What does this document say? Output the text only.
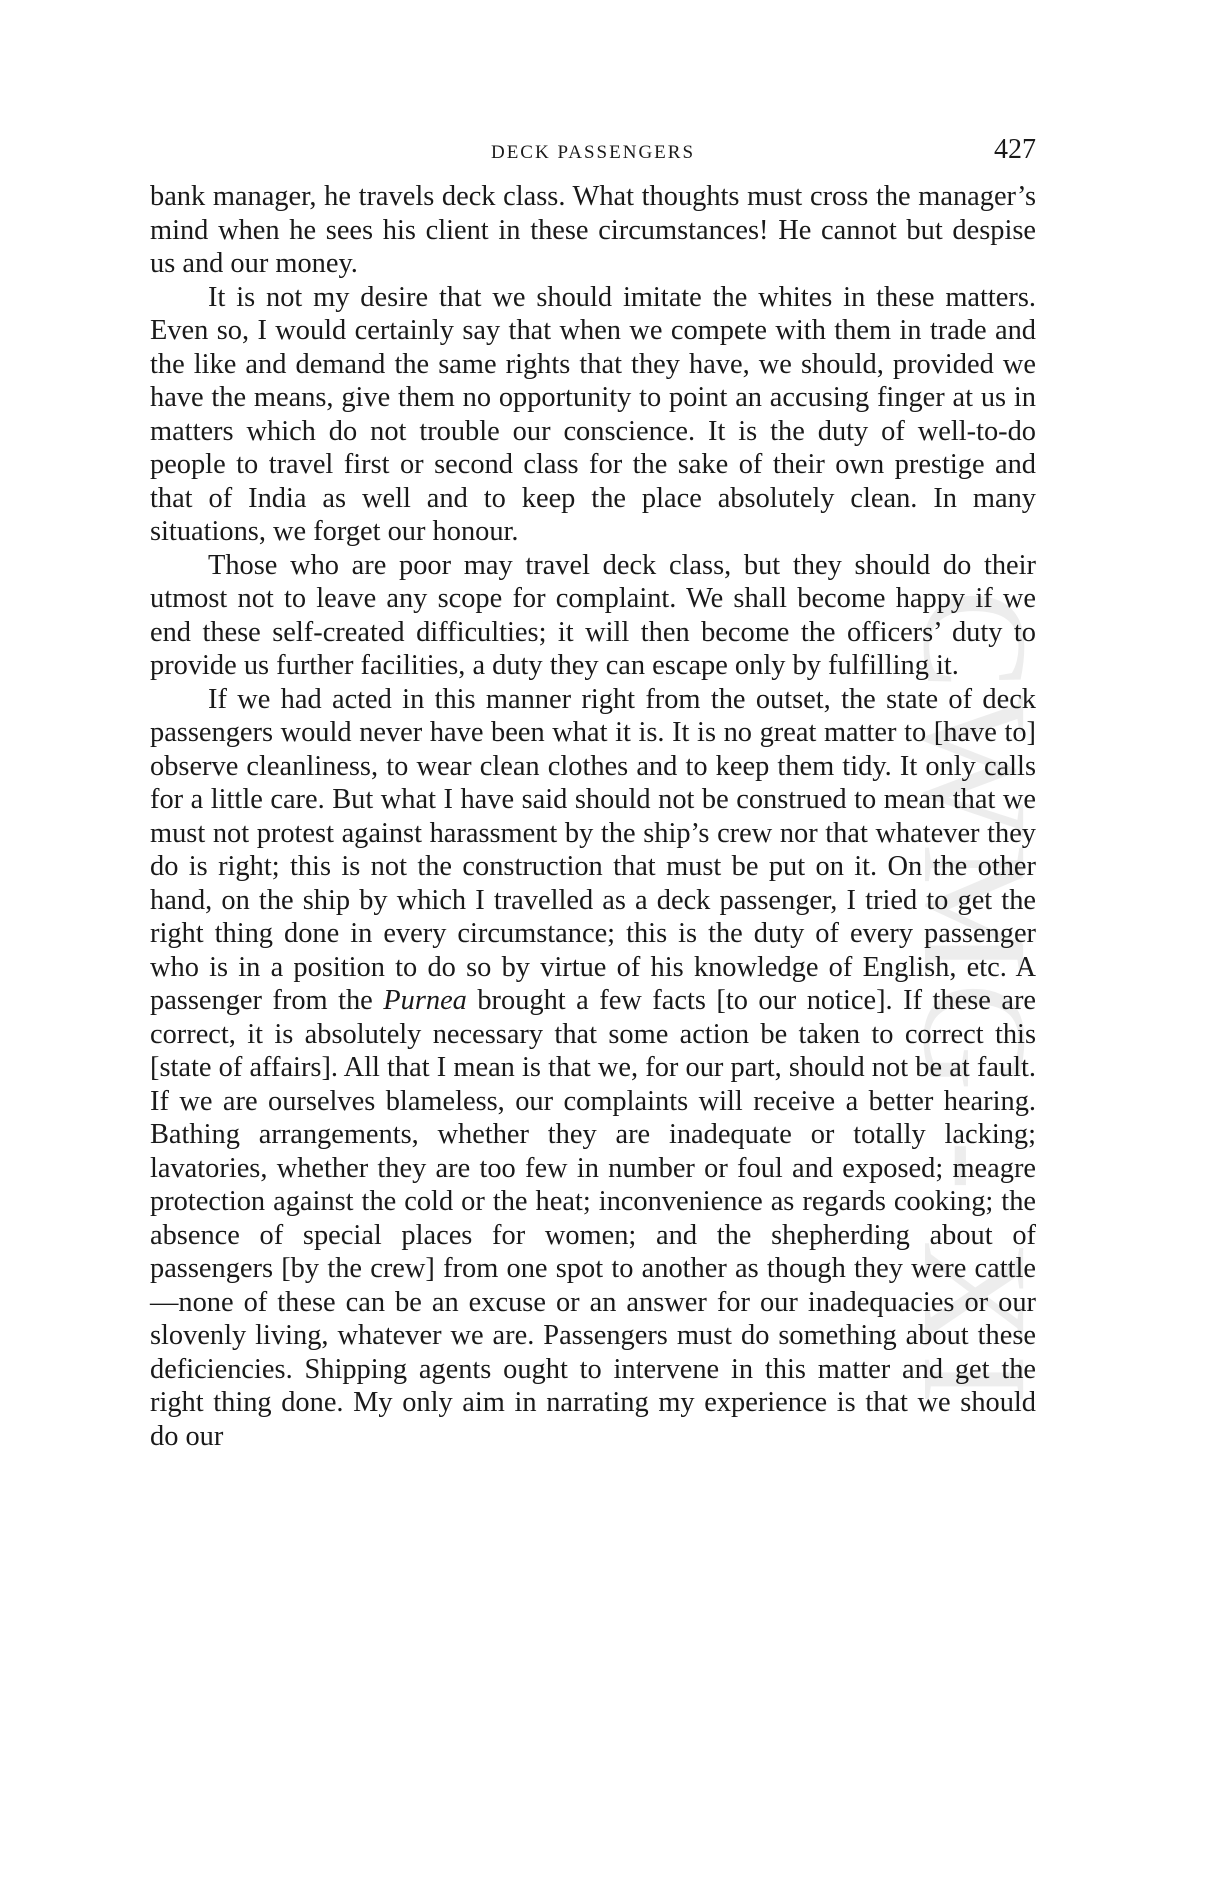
DECK PASSENGERS	427

bank manager, he travels deck class. What thoughts must cross the manager’s mind when he sees his client in these circumstances! He cannot but despise us and our money.

It is not my desire that we should imitate the whites in these matters. Even so, I would certainly say that when we compete with them in trade and the like and demand the same rights that they have, we should, provided we have the means, give them no opportunity to point an accusing finger at us in matters which do not trouble our conscience. It is the duty of well-to-do people to travel first or second class for the sake of their own prestige and that of India as well and to keep the place absolutely clean. In many situations, we forget our honour.

Those who are poor may travel deck class, but they should do their utmost not to leave any scope for complaint. We shall become happy if we end these self-created difficulties; it will then become the officers’ duty to provide us further facilities, a duty they can escape only by fulfilling it.

If we had acted in this manner right from the outset, the state of deck passengers would never have been what it is. It is no great matter to [have to] observe cleanliness, to wear clean clothes and to keep them tidy. It only calls for a little care. But what I have said should not be construed to mean that we must not protest against harassment by the ship’s crew nor that whatever they do is right; this is not the construction that must be put on it. On the other hand, on the ship by which I travelled as a deck passenger, I tried to get the right thing done in every circumstance; this is the duty of every passenger who is in a position to do so by virtue of his knowledge of English, etc. A passenger from the Purnea brought a few facts [to our notice]. If these are correct, it is absolutely necessary that some action be taken to correct this [state of affairs]. All that I mean is that we, for our part, should not be at fault. If we are ourselves blameless, our complaints will receive a better hearing. Bathing arrangements, whether they are inadequate or totally lacking; lavatories, whether they are too few in number or foul and exposed; meagre protection against the cold or the heat; inconvenience as regards cooking; the absence of special places for women; and the shepherding about of passengers [by the crew] from one spot to another as though they were cattle—none of these can be an excuse or an answer for our inadequacies or our slovenly living, whatever we are. Passengers must do something about these deficiencies. Shipping agents ought to intervene in this matter and get the right thing done. My only aim in narrating my experience is that we should do our

CWMG - XI
